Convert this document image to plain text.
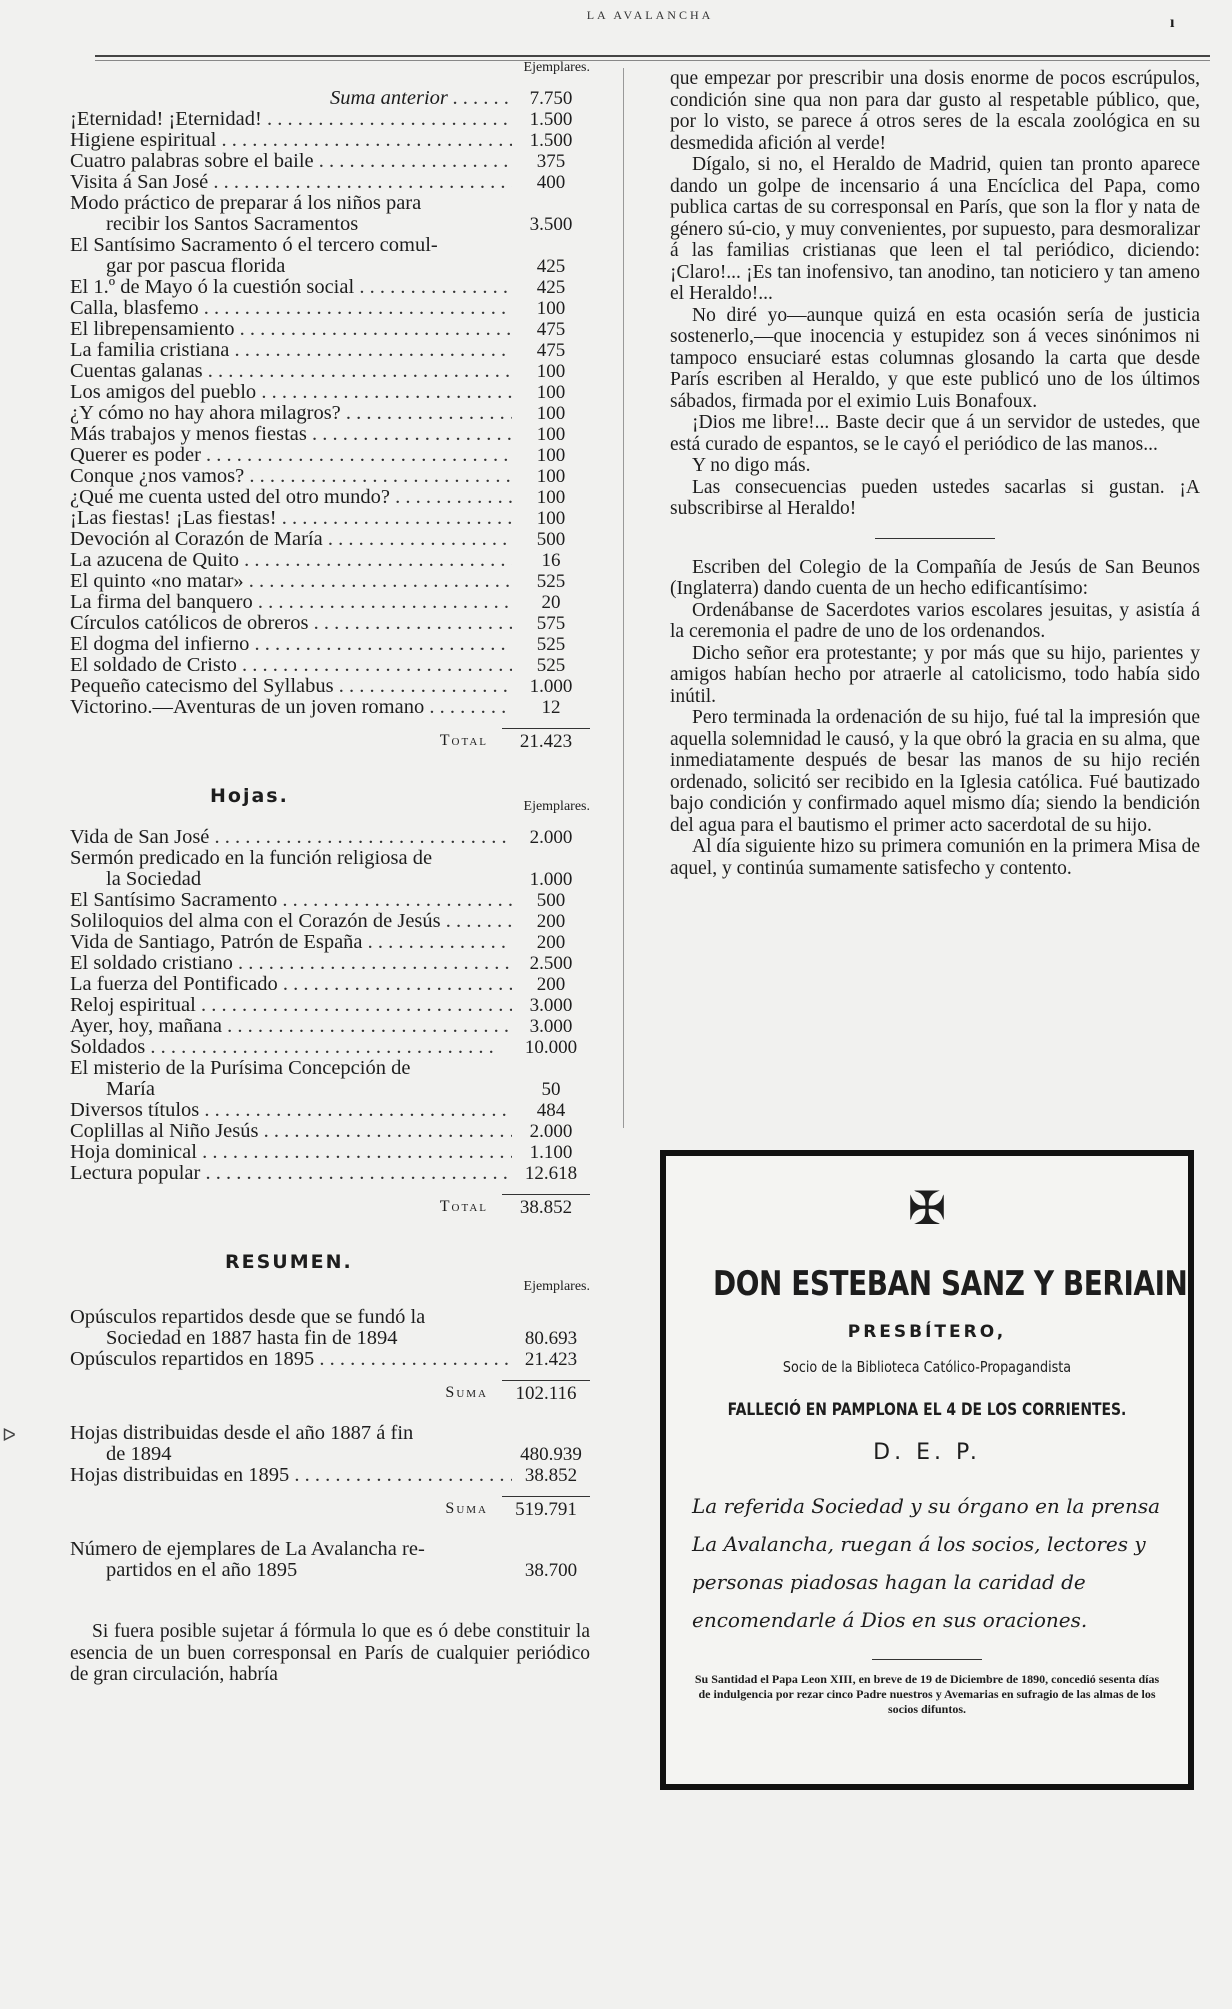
LA AVALANCHA	ı
ᐅ
Ejemplares.
Suma anterior . . .	7.750
¡Eternidad! ¡Eternidad! . . .	1.500
Higiene espiritual . . .	1.500
Cuatro palabras sobre el baile . . .	375
Visita á San José . . .	400
Modo práctico de preparar á los niños para
recibir los Santos Sacramentos	3.500
El Santísimo Sacramento ó el tercero comul-
gar por pascua florida	425
El 1.º de Mayo ó la cuestión social . . .	425
Calla, blasfemo . . .	100
El librepensamiento . . .	475
La familia cristiana . . .	475
Cuentas galanas . . .	100
Los amigos del pueblo . . .	100
¿Y cómo no hay ahora milagros? . . .	100
Más trabajos y menos fiestas . . .	100
Querer es poder . . .	100
Conque ¿nos vamos? . . .	100
¿Qué me cuenta usted del otro mundo? . . .	100
¡Las fiestas! ¡Las fiestas! . . .	100
Devoción al Corazón de María . . .	500
La azucena de Quito . . .	16
El quinto «no matar» . . .	525
La firma del banquero . . .	20
Círculos católicos de obreros . . .	575
El dogma del infierno . . .	525
El soldado de Cristo . . .	525
Pequeño catecismo del Syllabus . . .	1.000
Victorino.—Aventuras de un joven romano . . .	12
Total	21.423
Hojas.	Ejemplares.
Vida de San José . . .	2.000
Sermón predicado en la función religiosa de
la Sociedad	1.000
El Santísimo Sacramento . . .	500
Soliloquios del alma con el Corazón de Jesús . . .	200
Vida de Santiago, Patrón de España . . .	200
El soldado cristiano . . .	2.500
La fuerza del Pontificado . . .	200
Reloj espiritual . . .	3.000
Ayer, hoy, mañana . . .	3.000
Soldados . . .	10.000
El misterio de la Purísima Concepción de
María	50
Diversos títulos . . .	484
Coplillas al Niño Jesús . . .	2.000
Hoja dominical . . .	1.100
Lectura popular . . .	12.618
Total	38.852
RESUMEN.
Ejemplares.
Opúsculos repartidos desde que se fundó la
Sociedad en 1887 hasta fin de 1894	80.693
Opúsculos repartidos en 1895 . . .	21.423
Suma	102.116
Hojas distribuidas desde el año 1887 á fin
de 1894	480.939
Hojas distribuidas en 1895 . . .	38.852
Suma	519.791
Número de ejemplares de La Avalancha re-
partidos en el año 1895	38.700

Si fuera posible sujetar á fórmula lo que es ó debe constituir la esencia de un buen corresponsal en París de cualquier periódico de gran circulación, habría

que empezar por prescribir una dosis enorme de pocos escrúpulos, condición sine qua non para dar gusto al respetable público, que, por lo visto, se parece á otros seres de la escala zoológica en su desmedida afición al verde!

Dígalo, si no, el Heraldo de Madrid, quien tan pronto aparece dando un golpe de incensario á una Encíclica del Papa, como publica cartas de su corresponsal en París, que son la flor y nata de género sú-cio, y muy convenientes, por supuesto, para desmoralizar á las familias cristianas que leen el tal periódico, diciendo: ¡Claro!... ¡Es tan inofensivo, tan anodino, tan noticiero y tan ameno el Heraldo!...

No diré yo—aunque quizá en esta ocasión sería de justicia sostenerlo,—que inocencia y estupidez son á veces sinónimos ni tampoco ensuciaré estas columnas glosando la carta que desde París escriben al Heraldo, y que este publicó uno de los últimos sábados, firmada por el eximio Luis Bonafoux.

¡Dios me libre!... Baste decir que á un servidor de ustedes, que está curado de espantos, se le cayó el periódico de las manos...

Y no digo más.

Las consecuencias pueden ustedes sacarlas si gustan. ¡A subscribirse al Heraldo!

Escriben del Colegio de la Compañía de Jesús de San Beunos (Inglaterra) dando cuenta de un hecho edificantísimo:

Ordenábanse de Sacerdotes varios escolares jesuitas, y asistía á la ceremonia el padre de uno de los ordenandos.

Dicho señor era protestante; y por más que su hijo, parientes y amigos habían hecho por atraerle al catolicismo, todo había sido inútil.

Pero terminada la ordenación de su hijo, fué tal la impresión que aquella solemnidad le causó, y la que obró la gracia en su alma, que inmediatamente después de besar las manos de su hijo recién ordenado, solicitó ser recibido en la Iglesia católica. Fué bautizado bajo condición y confirmado aquel mismo día; siendo la bendición del agua para el bautismo el primer acto sacerdotal de su hijo.

Al día siguiente hizo su primera comunión en la primera Misa de aquel, y continúa sumamente satisfecho y contento.

✠
DON ESTEBAN SANZ Y BERIAIN
PRESBÍTERO,
Socio de la Biblioteca Católico-Propagandista
FALLECIÓ EN PAMPLONA EL 4 DE LOS CORRIENTES.
D. E. P.
La referida Sociedad y su órgano en la prensa La Avalancha, ruegan á los socios, lectores y personas piadosas hagan la caridad de encomendarle á Dios en sus oraciones.
Su Santidad el Papa Leon XIII, en breve de 19 de Diciembre de 1890, concedió sesenta días de indulgencia por rezar cinco Padre nuestros y Avemarias en sufragio de las almas de los socios difuntos.
